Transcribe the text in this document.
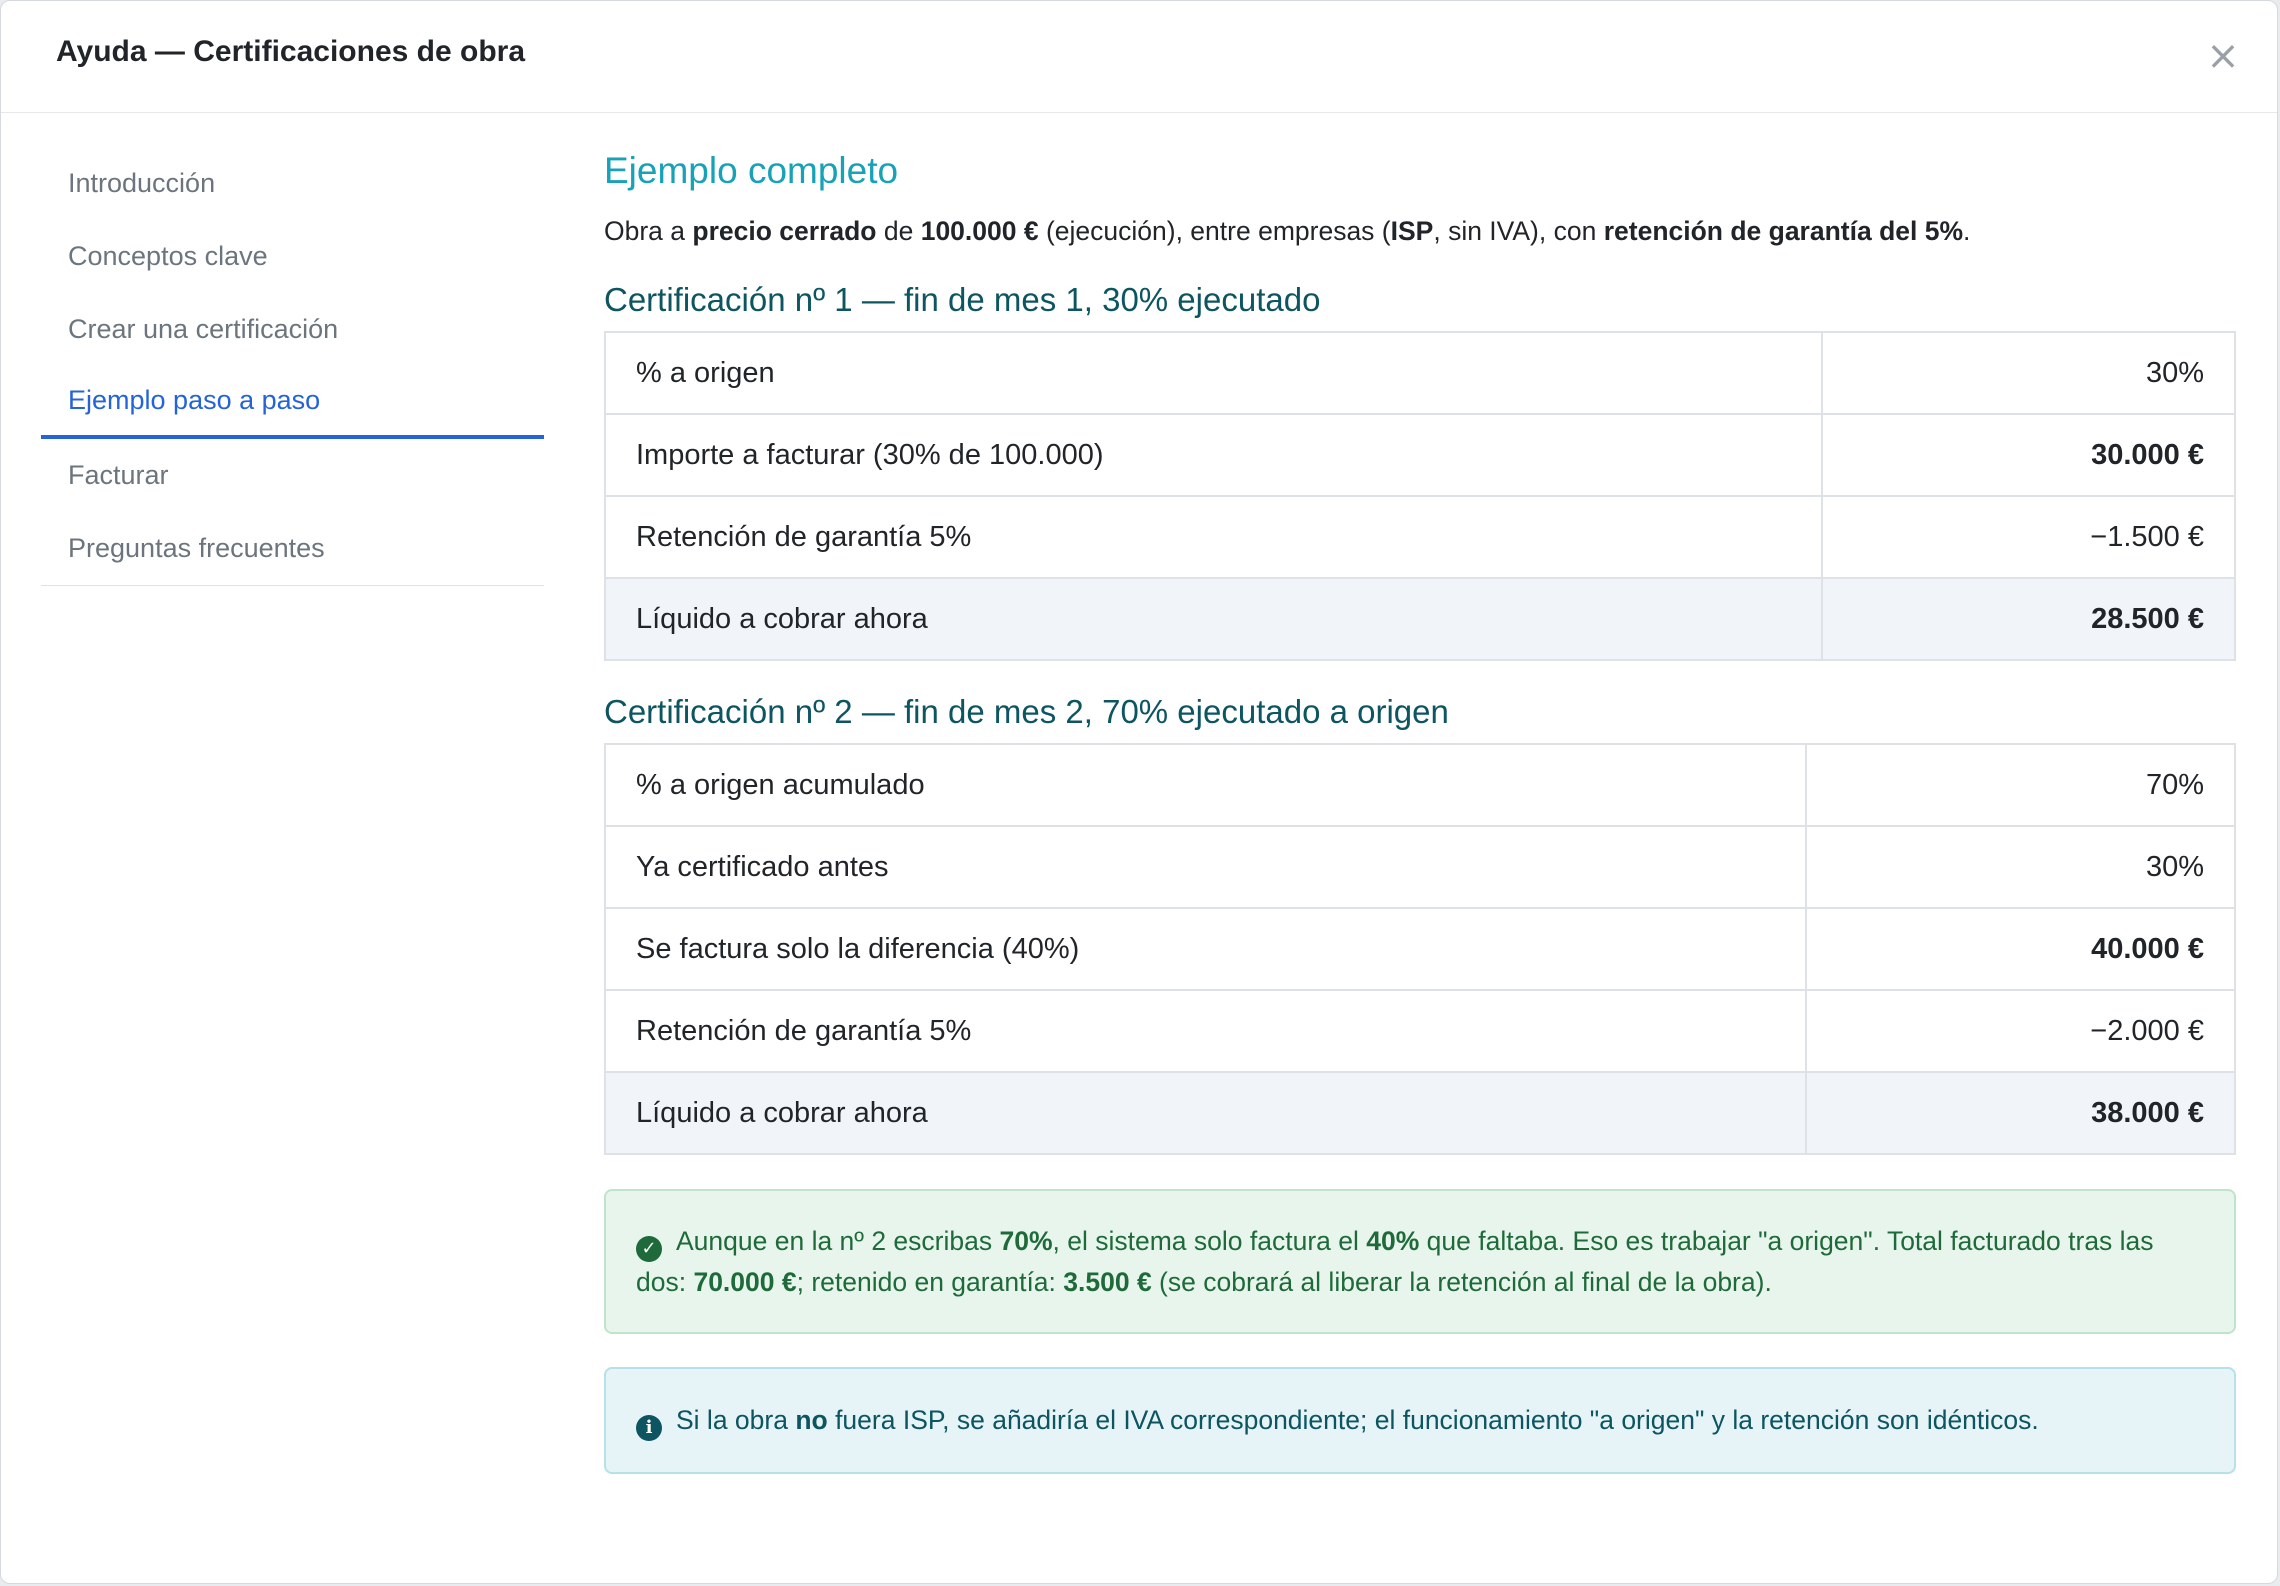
Ayuda — Certificaciones de obra	×
Introducción
Conceptos clave
Crear una certificación
Ejemplo paso a paso
Facturar
Preguntas frecuentes
Ejemplo completo

Obra a precio cerrado de 100.000 € (ejecución), entre empresas (ISP, sin IVA), con retención de garantía del 5%.

Certificación nº 1 — fin de mes 1, 30% ejecutado
% a origen	30%
Importe a facturar (30% de 100.000)	30.000 €
Retención de garantía 5%	−1.500 €
Líquido a cobrar ahora	28.500 €
Certificación nº 2 — fin de mes 2, 70% ejecutado a origen
% a origen acumulado	70%
Ya certificado antes	30%
Se factura solo la diferencia (40%)	40.000 €
Retención de garantía 5%	−2.000 €
Líquido a cobrar ahora	38.000 €
✓ Aunque en la nº 2 escribas 70%, el sistema solo factura el 40% que faltaba. Eso es trabajar "a origen". Total facturado tras las dos: 70.000 €; retenido en garantía: 3.500 € (se cobrará al liberar la retención al final de la obra).
i Si la obra no fuera ISP, se añadiría el IVA correspondiente; el funcionamiento "a origen" y la retención son idénticos.
